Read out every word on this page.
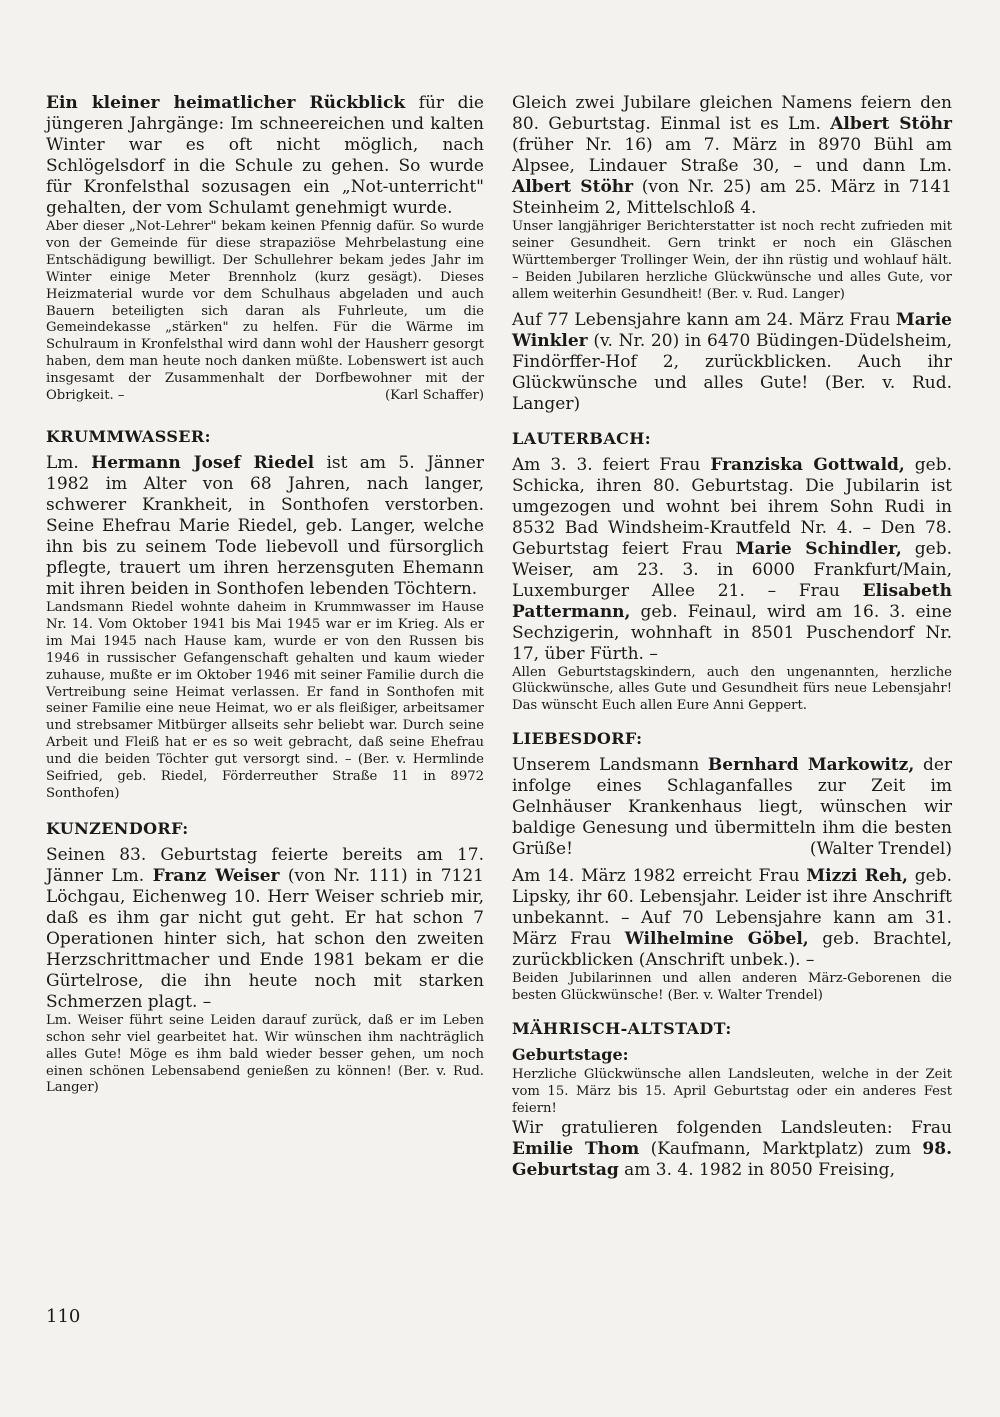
Ein kleiner heimatlicher Rückblick für die jüngeren Jahrgänge: Im schneereichen und kalten Winter war es oft nicht möglich, nach Schlögelsdorf in die Schule zu gehen. So wurde für Kronfelsthal sozusagen ein „Not-unterricht" gehalten, der vom Schulamt genehmigt wurde.

Aber dieser „Not-Lehrer" bekam keinen Pfennig dafür. So wurde von der Gemeinde für diese strapaziöse Mehrbelastung eine Entschädigung bewilligt. Der Schullehrer bekam jedes Jahr im Winter einige Meter Brennholz (kurz gesägt). Dieses Heizmaterial wurde vor dem Schulhaus abgeladen und auch Bauern beteiligten sich daran als Fuhrleute, um die Gemeindekasse „stärken" zu helfen. Für die Wärme im Schulraum in Kronfelsthal wird dann wohl der Hausherr gesorgt haben, dem man heute noch danken müßte. Lobenswert ist auch insgesamt der Zusammenhalt der Dorfbewohner mit der Obrigkeit. –	(Karl Schaffer)

KRUMMWASSER:

Lm. Hermann Josef Riedel ist am 5. Jänner 1982 im Alter von 68 Jahren, nach langer, schwerer Krankheit, in Sonthofen verstorben. Seine Ehefrau Marie Riedel, geb. Langer, welche ihn bis zu seinem Tode liebevoll und fürsorglich pflegte, trauert um ihren herzensguten Ehemann mit ihren beiden in Sonthofen lebenden Töchtern.

Landsmann Riedel wohnte daheim in Krummwasser im Hause Nr. 14. Vom Oktober 1941 bis Mai 1945 war er im Krieg. Als er im Mai 1945 nach Hause kam, wurde er von den Russen bis 1946 in russischer Gefangenschaft gehalten und kaum wieder zuhause, mußte er im Oktober 1946 mit seiner Familie durch die Vertreibung seine Heimat verlassen. Er fand in Sonthofen mit seiner Familie eine neue Heimat, wo er als fleißiger, arbeitsamer und strebsamer Mitbürger allseits sehr beliebt war. Durch seine Arbeit und Fleiß hat er es so weit gebracht, daß seine Ehefrau und die beiden Töchter gut versorgt sind. – (Ber. v. Hermlinde Seifried, geb. Riedel, Förderreuther Straße 11 in 8972 Sonthofen)

KUNZENDORF:

Seinen 83. Geburtstag feierte bereits am 17. Jänner Lm. Franz Weiser (von Nr. 111) in 7121 Löchgau, Eichenweg 10. Herr Weiser schrieb mir, daß es ihm gar nicht gut geht. Er hat schon 7 Operationen hinter sich, hat schon den zweiten Herzschrittmacher und Ende 1981 bekam er die Gürtelrose, die ihn heute noch mit starken Schmerzen plagt. –

Lm. Weiser führt seine Leiden darauf zurück, daß er im Leben schon sehr viel gearbeitet hat. Wir wünschen ihm nachträglich alles Gute! Möge es ihm bald wieder besser gehen, um noch einen schönen Lebensabend genießen zu können! (Ber. v. Rud. Langer)

Gleich zwei Jubilare gleichen Namens feiern den 80. Geburtstag. Einmal ist es Lm. Albert Stöhr (früher Nr. 16) am 7. März in 8970 Bühl am Alpsee, Lindauer Straße 30, – und dann Lm. Albert Stöhr (von Nr. 25) am 25. März in 7141 Steinheim 2, Mittelschloß 4.

Unser langjähriger Berichterstatter ist noch recht zufrieden mit seiner Gesundheit. Gern trinkt er noch ein Gläschen Württemberger Trollinger Wein, der ihn rüstig und wohlauf hält. – Beiden Jubilaren herzliche Glückwünsche und alles Gute, vor allem weiterhin Gesundheit! (Ber. v. Rud. Langer)

Auf 77 Lebensjahre kann am 24. März Frau Marie Winkler (v. Nr. 20) in 6470 Büdingen-Düdelsheim, Findörffer-Hof 2, zurückblicken. Auch ihr Glückwünsche und alles Gute! (Ber. v. Rud. Langer)

LAUTERBACH:

Am 3. 3. feiert Frau Franziska Gottwald, geb. Schicka, ihren 80. Geburtstag. Die Jubilarin ist umgezogen und wohnt bei ihrem Sohn Rudi in 8532 Bad Windsheim-Krautfeld Nr. 4. – Den 78. Geburtstag feiert Frau Marie Schindler, geb. Weiser, am 23. 3. in 6000 Frankfurt/Main, Luxemburger Allee 21. – Frau Elisabeth Pattermann, geb. Feinaul, wird am 16. 3. eine Sechzigerin, wohnhaft in 8501 Puschendorf Nr. 17, über Fürth. –

Allen Geburtstagskindern, auch den ungenannten, herzliche Glückwünsche, alles Gute und Gesundheit fürs neue Lebensjahr! Das wünscht Euch allen Eure Anni Geppert.

LIEBESDORF:

Unserem Landsmann Bernhard Markowitz, der infolge eines Schlaganfalles zur Zeit im Gelnhäuser Krankenhaus liegt, wünschen wir baldige Genesung und übermitteln ihm die besten Grüße!	(Walter Trendel)

Am 14. März 1982 erreicht Frau Mizzi Reh, geb. Lipsky, ihr 60. Lebensjahr. Leider ist ihre Anschrift unbekannt. – Auf 70 Lebensjahre kann am 31. März Frau Wilhelmine Göbel, geb. Brachtel, zurückblicken (Anschrift unbek.). –

Beiden Jubilarinnen und allen anderen März-Geborenen die besten Glückwünsche! (Ber. v. Walter Trendel)

MÄHRISCH-ALTSTADT:
Geburtstage:

Herzliche Glückwünsche allen Landsleuten, welche in der Zeit vom 15. März bis 15. April Geburtstag oder ein anderes Fest feiern!

Wir gratulieren folgenden Landsleuten: Frau Emilie Thom (Kaufmann, Marktplatz) zum 98. Geburtstag am 3. 4. 1982 in 8050 Freising,

110
